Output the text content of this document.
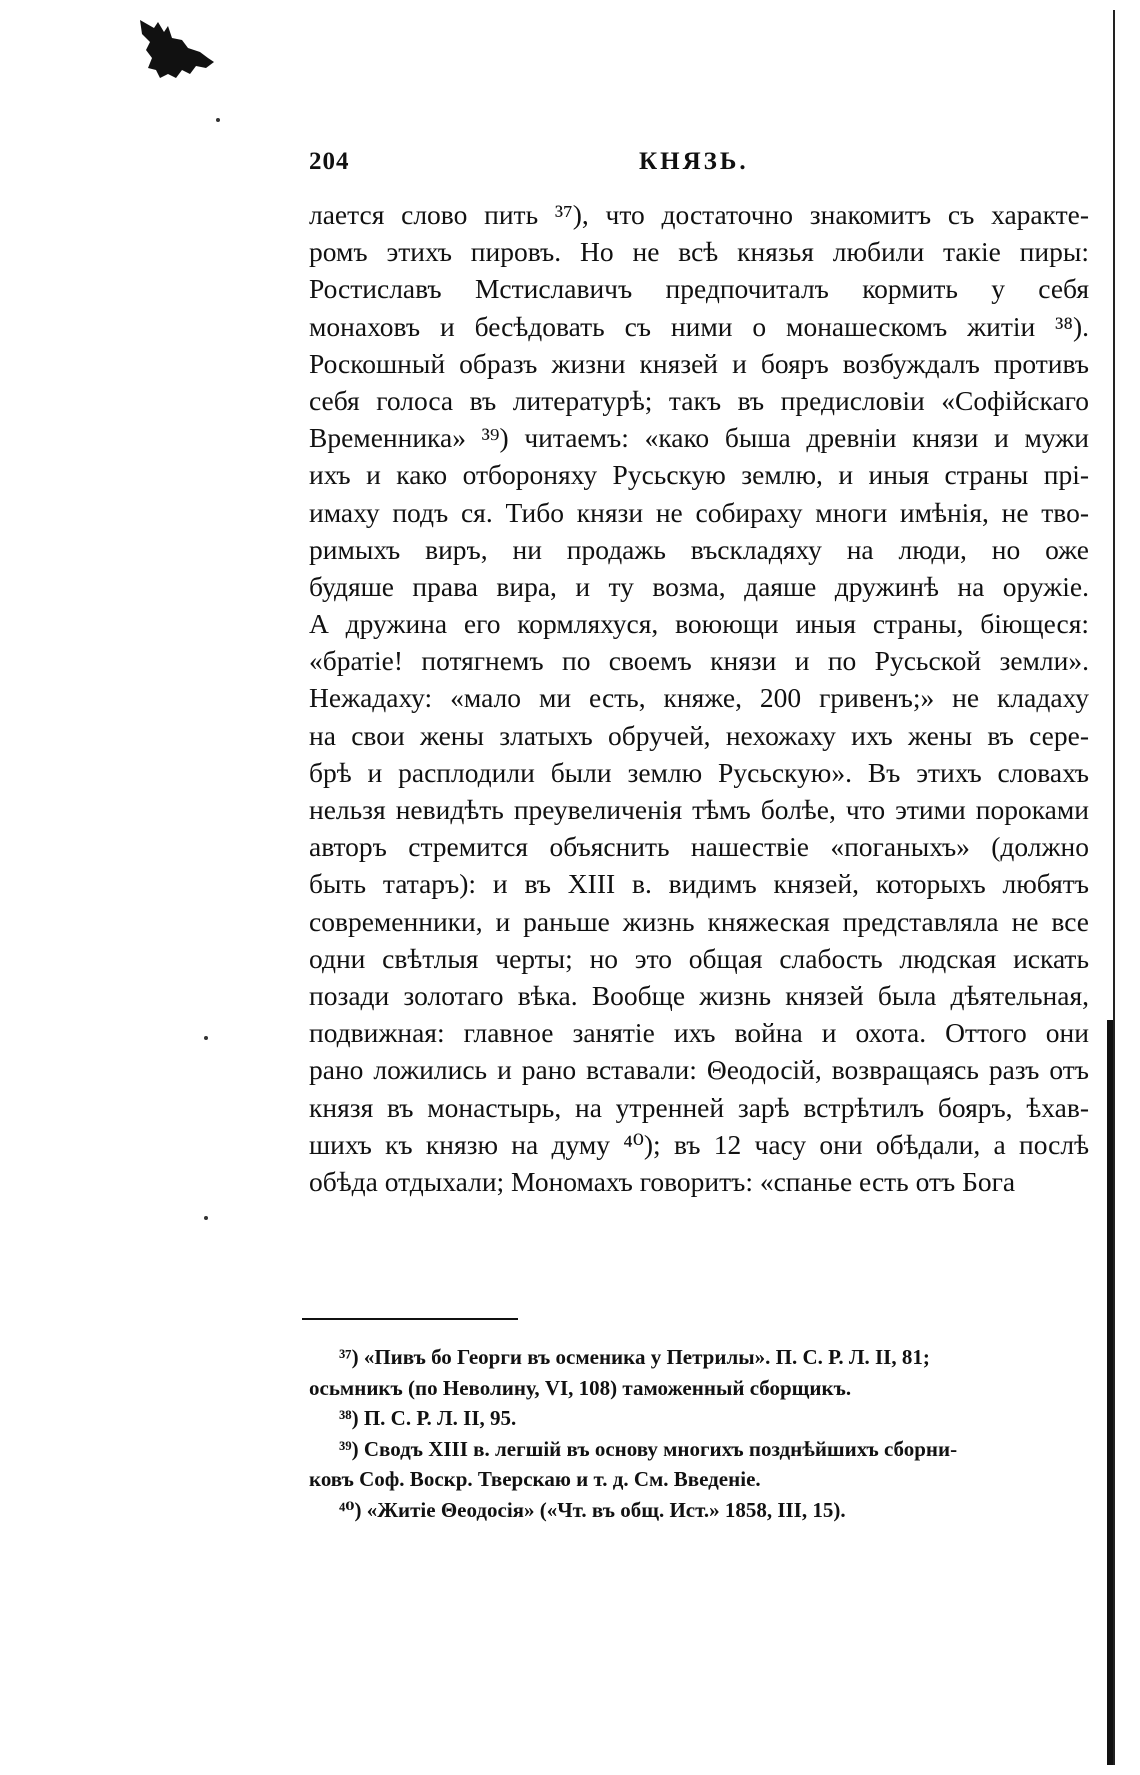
204	КНЯЗЬ.
лается слово пить ³⁷), что достаточно знакомитъ съ характе-
ромъ этихъ пировъ. Но не всѣ князья любили такіе пиры:
Ростиславъ Мстиславичъ предпочиталъ кормить у себя
монаховъ и бесѣдовать съ ними о монашескомъ житіи ³⁸).
Роскошный образъ жизни князей и бояръ возбуждалъ противъ
себя голоса въ литературѣ; такъ въ предисловіи «Софійскаго
Временника» ³⁹) читаемъ: «како быша древніи князи и мужи
ихъ и како отбороняху Русьскую землю, и иныя страны прі-
имаху подъ ся. Тибо князи не собираху многи имѣнія, не тво-
римыхъ виръ, ни продажь въскладяху на люди, но оже
будяше права вира, и ту возма, даяше дружинѣ на оружіе.
А дружина его кормляхуся, воюющи иныя страны, біющеся:
«братіе! потягнемъ по своемъ князи и по Русьской земли».
Нежадаху: «мало ми есть, княже, 200 гривенъ;» не кладаху
на свои жены златыхъ обручей, нехожаху ихъ жены въ сере-
брѣ и расплодили были землю Русьскую». Въ этихъ словахъ
нельзя невидѣть преувеличенія тѣмъ болѣе, что этими пороками
авторъ стремится объяснить нашествіе «поганыхъ» (должно
быть татаръ): и въ XIII в. видимъ князей, которыхъ любятъ
современники, и раньше жизнь княжеская представляла не все
одни свѣтлыя черты; но это общая слабость людская искать
позади золотаго вѣка. Вообще жизнь князей была дѣятельная,
подвижная: главное занятіе ихъ война и охота. Оттого они
рано ложились и рано вставали: Θеодосій, возвращаясь разъ отъ
князя въ монастырь, на утренней зарѣ встрѣтилъ бояръ, ѣхав-
шихъ къ князю на думу ⁴⁰); въ 12 часу они обѣдали, а послѣ
обѣда отдыхали; Мономахъ говоритъ: «спанье есть отъ Бога
³⁷) «Пивъ бо Георги въ осменика у Петрилы». П. С. Р. Л. II, 81;
осьмникъ (по Неволину, VI, 108) таможенный сборщикъ.
³⁸) П. С. Р. Л. II, 95.
³⁹) Сводъ XIII в. легшій въ основу многихъ позднѣйшихъ сборни-
ковъ Соф. Воскр. Тверскаю и т. д. См. Введеніе.
⁴⁰) «Житіе Θеодосія» («Чт. въ общ. Ист.» 1858, III, 15).
